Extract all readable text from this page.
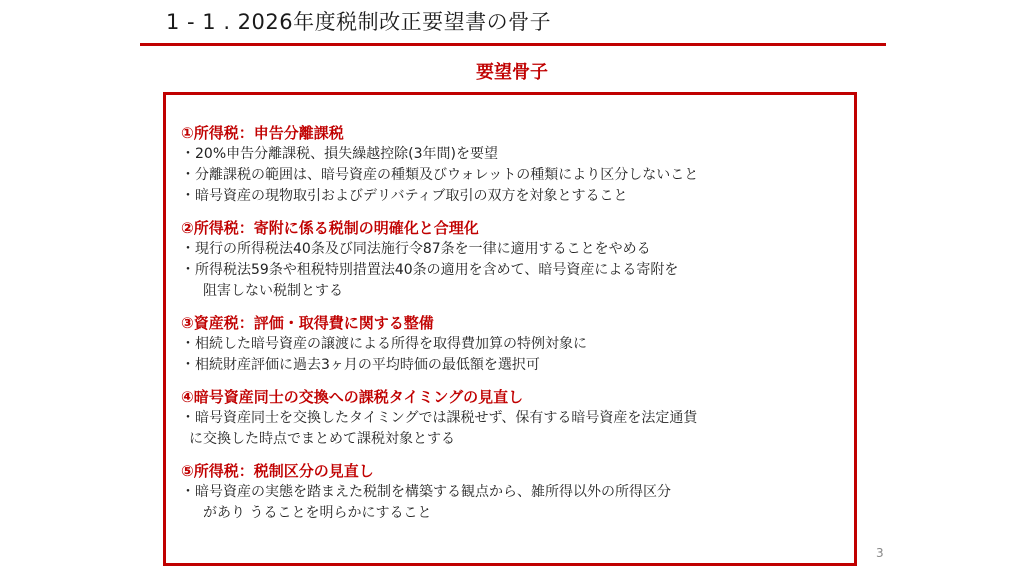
1 - 1 . 2026年度税制改正要望書の骨子
要望骨子
①所得税：申告分離課税
・20%申告分離課税、損失繰越控除(3年間)を要望
・分離課税の範囲は、暗号資産の種類及びウォレットの種類により区分しないこと
・暗号資産の現物取引およびデリバティブ取引の双方を対象とすること
②所得税：寄附に係る税制の明確化と合理化
・現行の所得税法40条及び同法施行令87条を一律に適用することをやめる
・所得税法59条や租税特別措置法40条の適用を含めて、暗号資産による寄附を
阻害しない税制とする
③資産税：評価・取得費に関する整備
・相続した暗号資産の譲渡による所得を取得費加算の特例対象に
・相続財産評価に過去3ヶ月の平均時価の最低額を選択可
④暗号資産同士の交換への課税タイミングの見直し
・暗号資産同士を交換したタイミングでは課税せず、保有する暗号資産を法定通貨
に交換した時点でまとめて課税対象とする
⑤所得税：税制区分の見直し
・暗号資産の実態を踏まえた税制を構築する観点から、雑所得以外の所得区分
があり うることを明らかにすること
3
